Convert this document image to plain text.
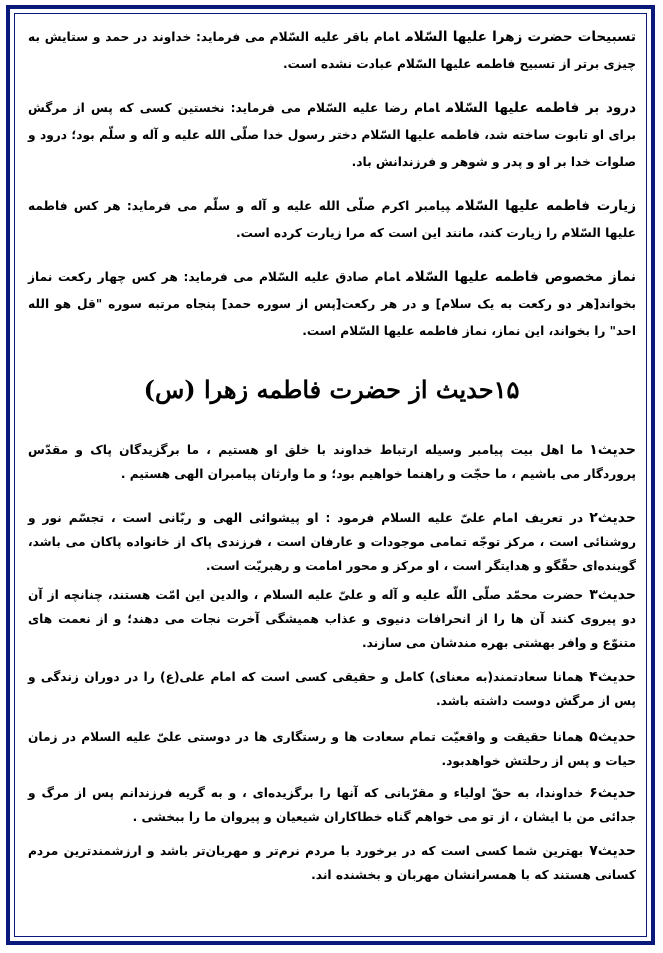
تسبیحات حضرت زهرا علیها السّلامامام باقر علیه السّلام می فرماید: خداوند در حمد و ستایش به چیزی برتر از تسبیح فاطمه علیها السّلام عبادت نشده است.

درود بر فاطمه علیها السّلامامام رضا علیه السّلام می فرماید: نخستین کسی که پس از مرگش برای او تابوت ساخته شد، فاطمه علیها السّلام دختر رسول خدا صلّی الله علیه و آله و سلّم بود؛ درود و صلوات خدا بر او و پدر و شوهر و فرزندانش باد.

زیارت فاطمه علیها السّلامپیامبر اکرم صلّی الله علیه و آله و سلّم می فرماید: هر کس فاطمه علیها السّلام را زیارت کند، مانند این است که مرا زیارت کرده است.

نماز مخصوص فاطمه علیها السّلامامام صادق علیه السّلام می فرماید: هر کس چهار رکعت نماز بخواند[هر دو رکعت به یک سلام] و در هر رکعت[پس از سوره حمد] پنجاه مرتبه سوره "قل هو الله احد" را بخواند، این نماز، نماز فاطمه علیها السّلام است.

۱۵حدیث از حضرت فاطمه زهرا (س)
حدیث۱ما اهل بیت پیامبر وسیله ارتباط خداوند با خلق او هستیم ، ما برگزیدگان پاک و مقدّس پروردگار می باشیم ، ما حجّت و راهنما خواهیم بود؛ و ما وارثان پیامبران الهی هستیم .
حدیث۲در تعریف امام علیّ علیه السلام فرمود : او پیشوائی الهی و ربّانی است ، تجسّم نور و روشنائی است ، مرکز توجّه تمامی موجودات و عارفان است ، فرزندی پاک از خانواده پاکان می باشد، گوینده‌ای حقّگو و هدایتگر است ، او مرکز و محور امامت و رهبریّت است.
حدیث۳حضرت محمّد صلّی اللّه علیه و آله و علیّ علیه السلام ، والدین این امّت هستند، چنانچه از آن دو پیروی کنند آن ها را از انحرافات دنیوی و عذاب همیشگی آخرت نجات می دهند؛ و از نعمت های متنوّع و وافر بهشتی بهره مندشان می سازند.
حدیث۴همانا سعادتمند(به معنای) کامل و حقیقی کسی است که امام علی(ع) را در دوران زندگی و پس از مرگش دوست داشته باشد.
حدیث۵همانا حقیقت و واقعیّت تمام سعادت ها و رستگاری ها در دوستی علیّ علیه السلام در زمان حیات و پس از رحلتش خواهدبود.
حدیث۶خداوندا، به حقّ اولیاء و مقرّبانی که آنها را برگزیده‌ای ، و به گریه فرزندانم پس از مرگ و جدائی من با ایشان ، از تو می خواهم گناه خطاکاران شیعیان و پیروان ما را ببخشی .
حدیث۷بهترین شما کسی است که در برخورد با مردم نرم‌تر و مهربان‌تر باشد و ارزشمندترین مردم کسانی هستند که با همسرانشان مهربان و بخشنده اند.
